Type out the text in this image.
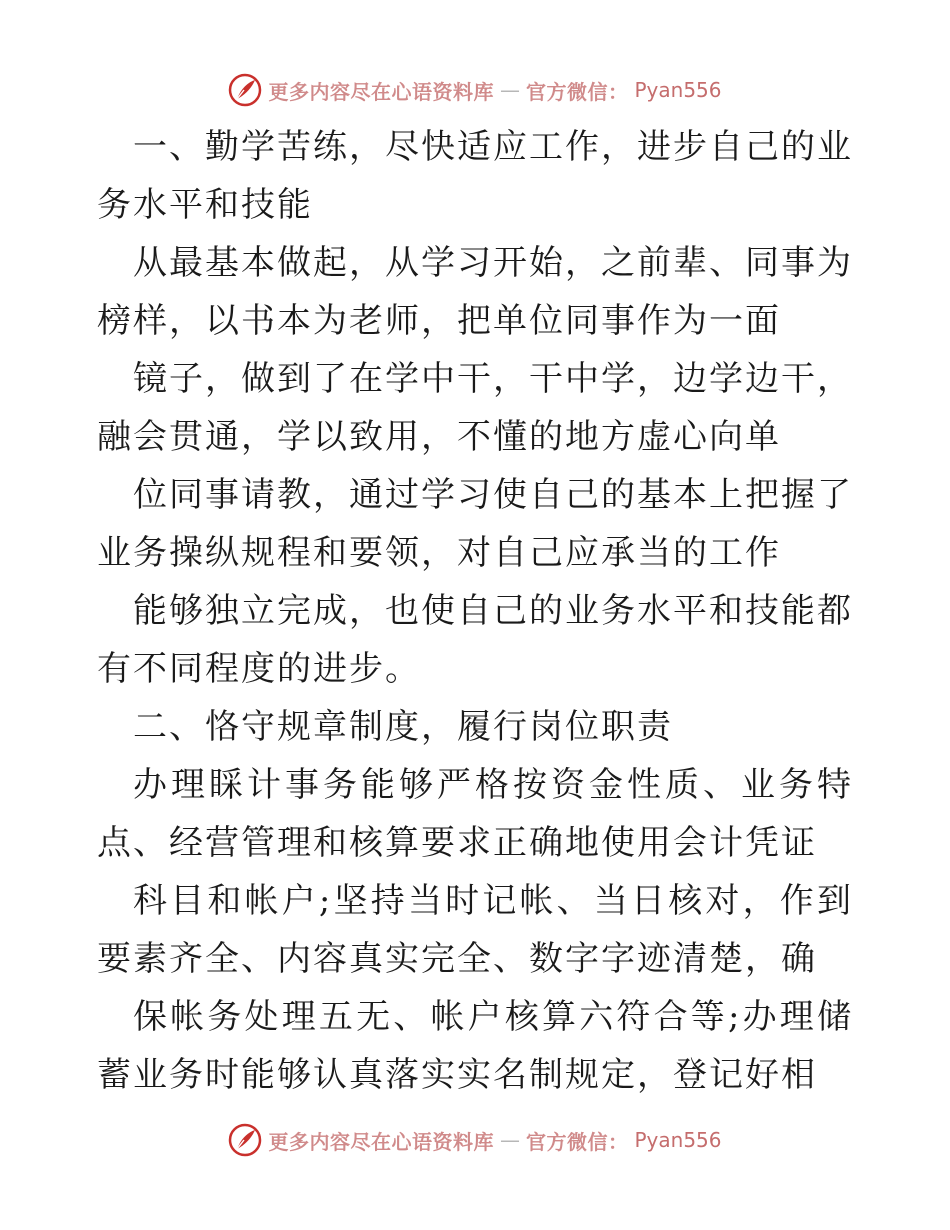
更多内容尽在心语资料库 — 官方微信： Pyan556

一、勤学苦练，尽快适应工作，进步自己的业务水平和技能

从最基本做起，从学习开始，之前辈、同事为榜样，以书本为老师，把单位同事作为一面

镜子，做到了在学中干，干中学，边学边干，融会贯通，学以致用，不懂的地方虚心向单

位同事请教，通过学习使自己的基本上把握了业务操纵规程和要领，对自己应承当的工作

能够独立完成，也使自己的业务水平和技能都有不同程度的进步。

二、恪守规章制度，履行岗位职责

办理睬计事务能够严格按资金性质、业务特点、经营管理和核算要求正确地使用会计凭证

科目和帐户;坚持当时记帐、当日核对，作到要素齐全、内容真实完全、数字字迹清楚，确

保帐务处理五无、帐户核算六符合等;办理储蓄业务时能够认真落实实名制规定，登记好相

更多内容尽在心语资料库 — 官方微信： Pyan556
